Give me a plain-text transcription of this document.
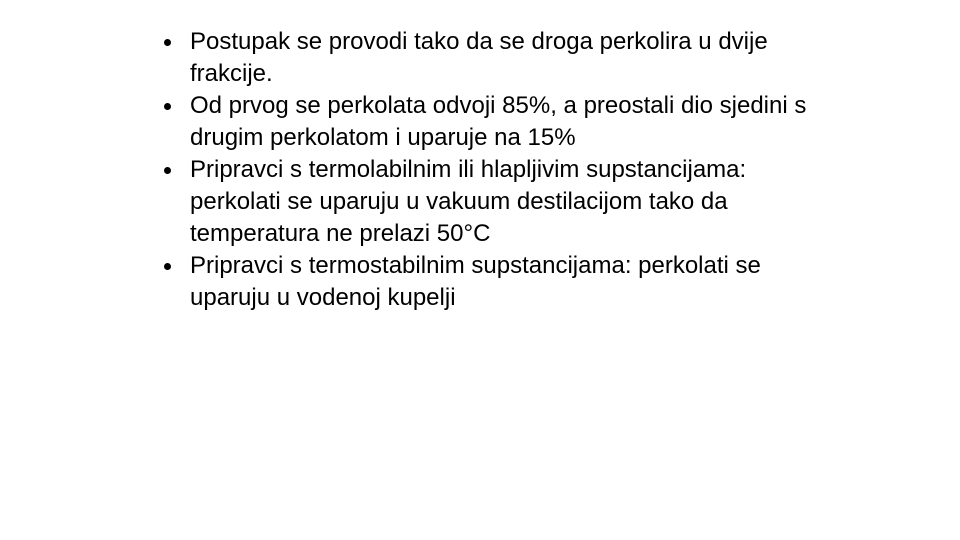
Postupak se provodi tako da se droga perkolira u dvije frakcije.
Od prvog se perkolata odvoji 85%, a preostali dio sjedini s drugim perkolatom i uparuje na 15%
Pripravci s termolabilnim ili hlapljivim supstancijama: perkolati se uparuju u vakuum destilacijom tako da temperatura ne prelazi 50°C
Pripravci s termostabilnim supstancijama: perkolati se uparuju u vodenoj kupelji
